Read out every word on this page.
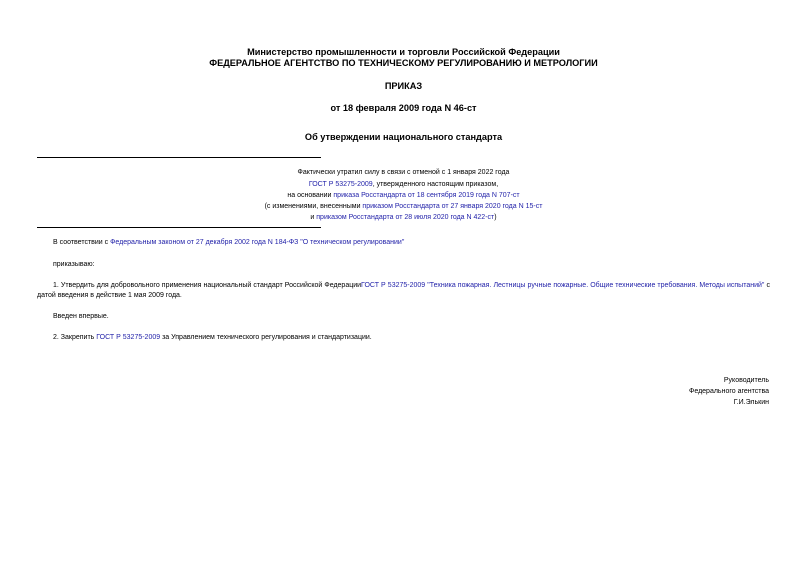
Министерство промышленности и торговли Российской Федерации
ФЕДЕРАЛЬНОЕ АГЕНТСТВО ПО ТЕХНИЧЕСКОМУ РЕГУЛИРОВАНИЮ И МЕТРОЛОГИИ
ПРИКАЗ
от 18 февраля 2009 года N 46-ст
Об утверждении национального стандарта
Фактически утратил силу в связи с отменой с 1 января 2022 года
ГОСТ Р 53275-2009, утвержденного настоящим приказом,
на основании приказа Росстандарта от 18 сентября 2019 года N 707-ст
(с изменениями, внесенными приказом Росстандарта от 27 января 2020 года N 15-ст
и приказом Росстандарта от 28 июля 2020 года N 422-ст)
В соответствии с Федеральным законом от 27 декабря 2002 года N 184-ФЗ "О техническом регулировании"
приказываю:
1. Утвердить для добровольного применения национальный стандарт Российской ФедерацииГОСТ Р 53275-2009 "Техника пожарная. Лестницы ручные пожарные. Общие технические требования. Методы испытаний" с датой введения в действие 1 мая 2009 года.
Введен впервые.
2. Закрепить ГОСТ Р 53275-2009 за Управлением технического регулирования и стандартизации.
Руководитель
Федерального агентства
Г.И.Элькин
